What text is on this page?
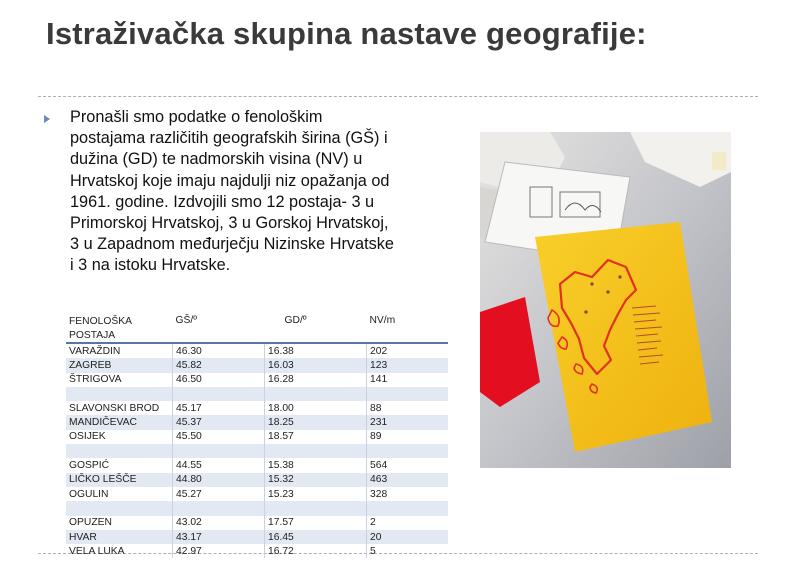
Istraživačka skupina nastave geografije:
Pronašli smo podatke o fenološkim postajama različitih geografskih širina (GŠ) i dužina (GD) te nadmorskih visina (NV) u Hrvatskoj koje imaju najdulji niz opažanja od 1961. godine. Izdvojili smo 12 postaja- 3 u Primorskoj Hrvatskoj, 3 u Gorskoj Hrvatskoj, 3 u Zapadnom međurječju Nizinske Hrvatske i 3 na istoku Hrvatske.
FENOLOŠKA POSTAJA	GŠ/º	GD/º	NV/m
VARAŽDIN	46.30	16.38	202
ZAGREB	45.82	16.03	123
ŠTRIGOVA	46.50	16.28	141

SLAVONSKI BROD	45.17	18.00	88
MANDIČEVAC	45.37	18.25	231
OSIJEK	45.50	18.57	89

GOSPIĆ	44.55	15.38	564
LIČKO LEŠČE	44.80	15.32	463
OGULIN	45.27	15.23	328

OPUZEN	43.02	17.57	2
HVAR	43.17	16.45	20
VELA LUKA	42.97	16.72	5
